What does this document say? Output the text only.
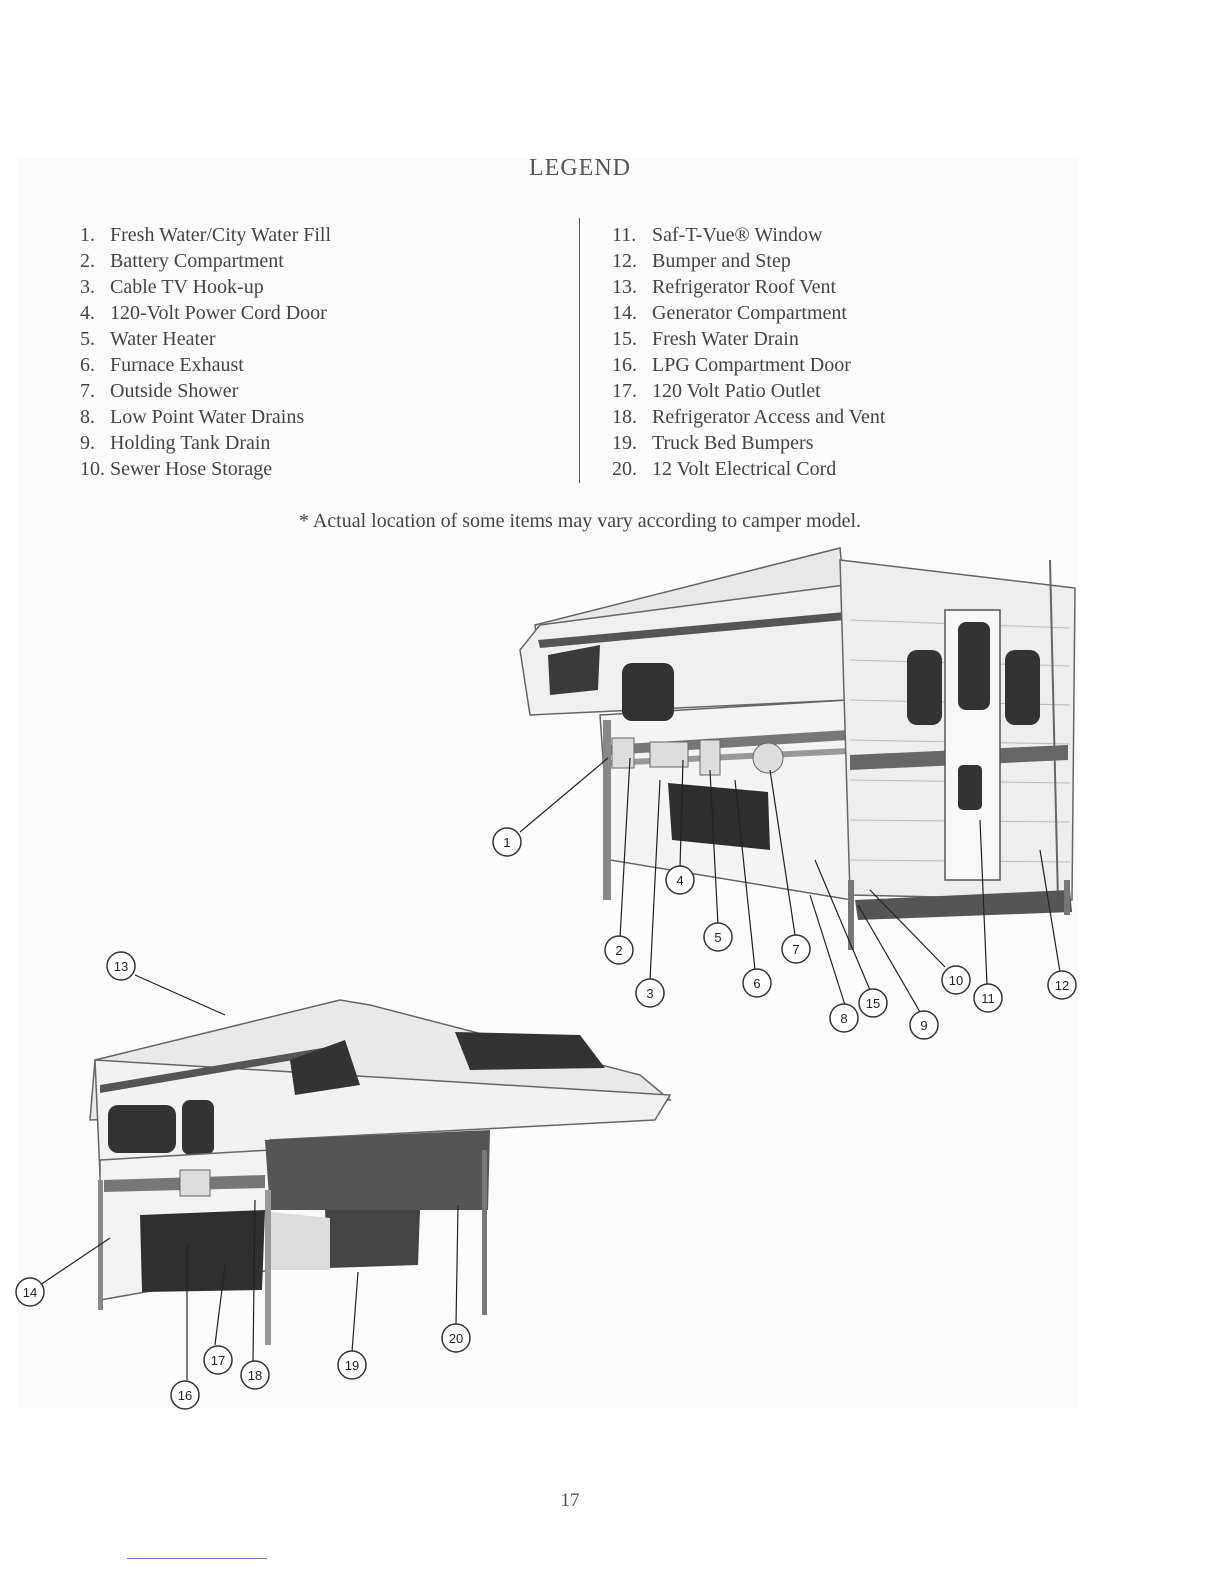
LEGEND
1. Fresh Water/City Water Fill
2. Battery Compartment
3. Cable TV Hook-up
4. 120-Volt Power Cord Door
5. Water Heater
6. Furnace Exhaust
7. Outside Shower
8. Low Point Water Drains
9. Holding Tank Drain
10. Sewer Hose Storage
11. Saf-T-Vue® Window
12. Bumper and Step
13. Refrigerator Roof Vent
14. Generator Compartment
15. Fresh Water Drain
16. LPG Compartment Door
17. 120 Volt Patio Outlet
18. Refrigerator Access and Vent
19. Truck Bed Bumpers
20. 12 Volt Electrical Cord
* Actual location of some items may vary according to camper model.
1
2
3
4
5
6
7
8
15
9
10
11
12
13
14
16
17
18
19
20
17
